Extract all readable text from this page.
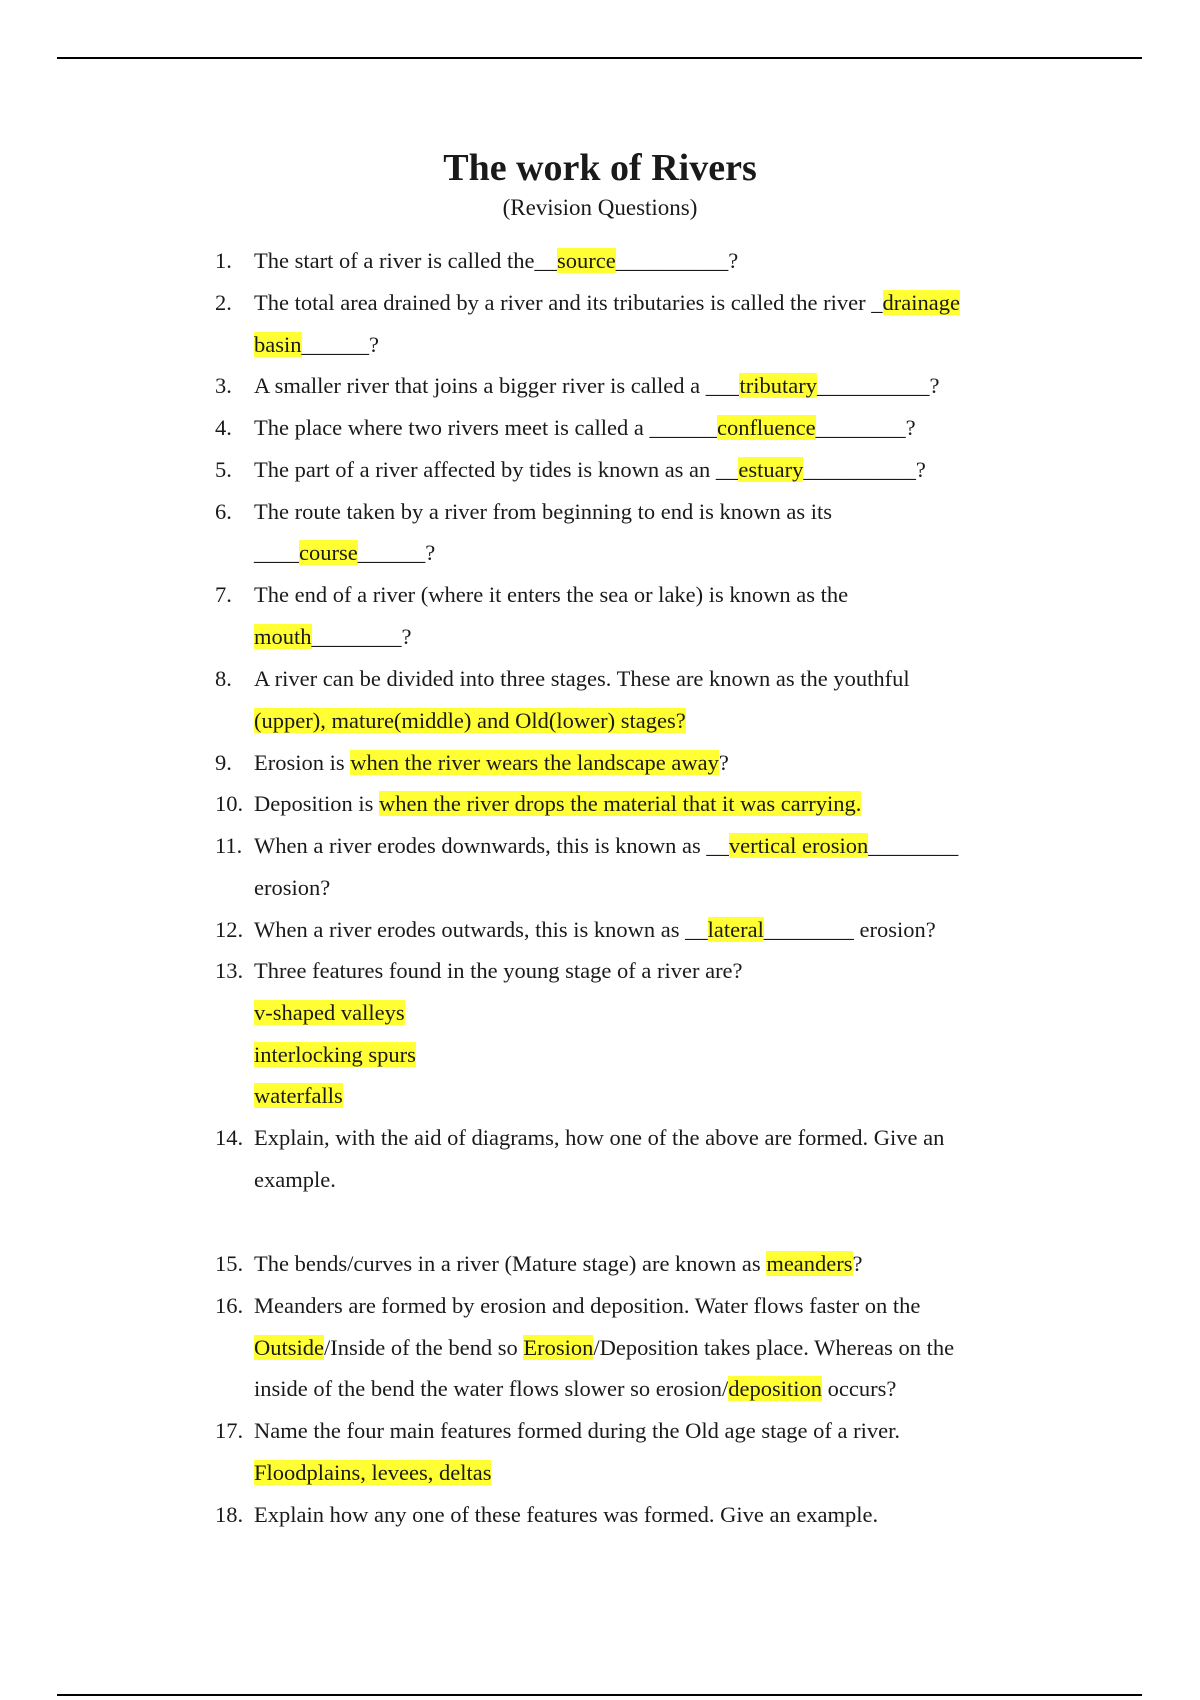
The work of Rivers
(Revision Questions)
1. The start of a river is called the__source__________?
2. The total area drained by a river and its tributaries is called the river _drainage
basin______?
3. A smaller river that joins a bigger river is called a ___tributary__________?
4. The place where two rivers meet is called a ______confluence________?
5. The part of a river affected by tides is known as an __estuary__________?
6. The route taken by a river from beginning to end is known as its
____course______?
7. The end of a river (where it enters the sea or lake) is known as the
mouth________?
8. A river can be divided into three stages. These are known as the youthful
(upper), mature(middle) and Old(lower) stages?
9. Erosion is when the river wears the landscape away?
10. Deposition is when the river drops the material that it was carrying.
11. When a river erodes downwards, this is known as __vertical erosion________
erosion?
12. When a river erodes outwards, this is known as __lateral________ erosion?
13. Three features found in the young stage of a river are?
v-shaped valleys
interlocking spurs
waterfalls
14. Explain, with the aid of diagrams, how one of the above are formed. Give an
example.
15. The bends/curves in a river (Mature stage) are known as meanders?
16. Meanders are formed by erosion and deposition. Water flows faster on the
Outside/Inside of the bend so Erosion/Deposition takes place. Whereas on the
inside of the bend the water flows slower so erosion/deposition occurs?
17. Name the four main features formed during the Old age stage of a river.
Floodplains, levees, deltas
18. Explain how any one of these features was formed. Give an example.
